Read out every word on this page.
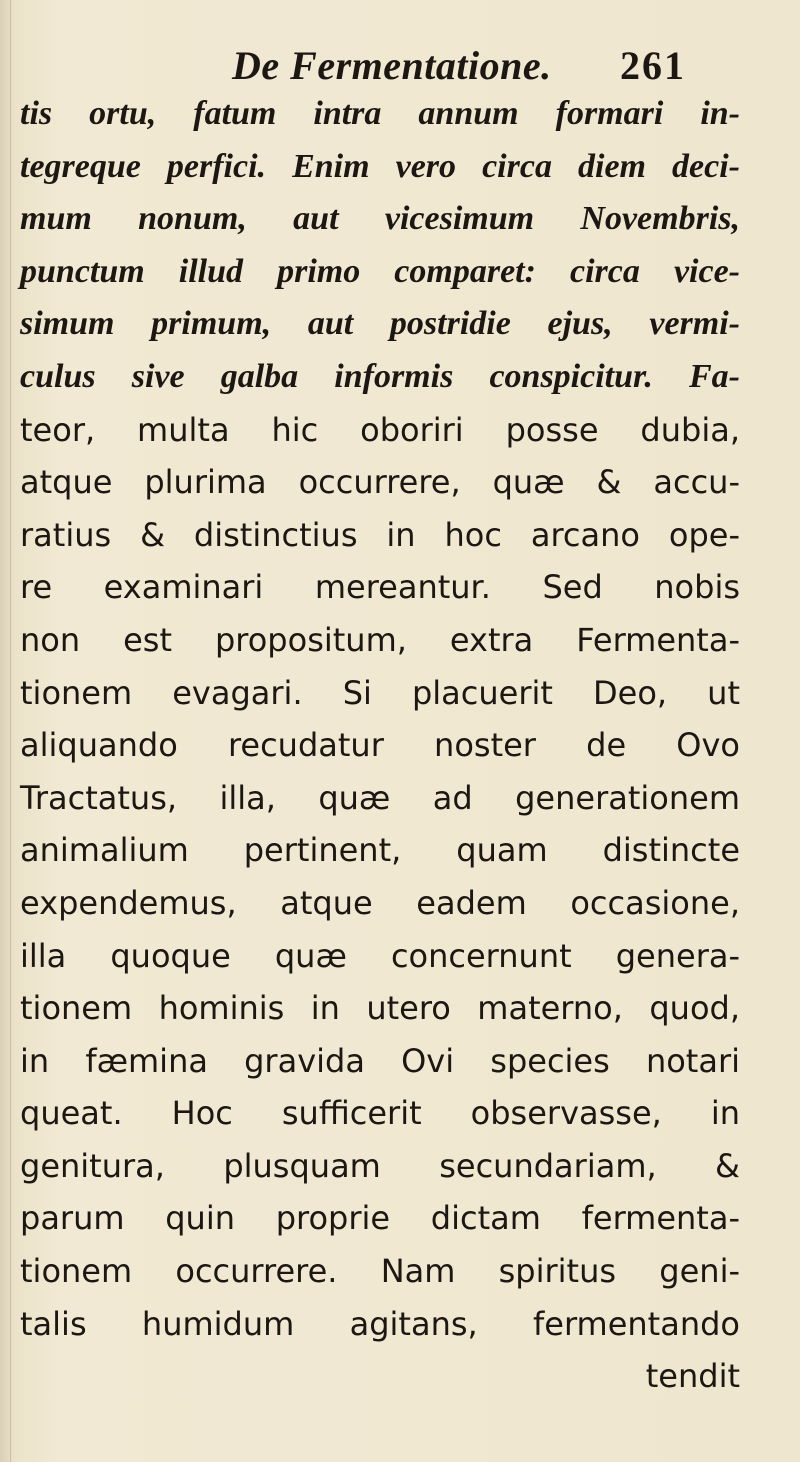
De Fermentatione. 261
tis ortu, fatum intra annum formari in-
tegreque perfici. Enim vero circa diem deci-
mum nonum, aut vicesimum Novembris,
punctum illud primo comparet: circa vice-
simum primum, aut postridie ejus, vermi-
culus sive galba informis conspicitur. Fa-
teor, multa hic oboriri posse dubia,
atque plurima occurrere, quæ & accu-
ratius & distinctius in hoc arcano ope-
re examinari mereantur. Sed nobis
non est propositum, extra Fermenta-
tionem evagari. Si placuerit Deo, ut
aliquando recudatur noster de Ovo
Tractatus, illa, quæ ad generationem
animalium pertinent, quam distincte
expendemus, atque eadem occasione,
illa quoque quæ concernunt genera-
tionem hominis in utero materno, quod,
in fæmina gravida Ovi species notari
queat. Hoc sufficerit observasse, in
genitura, plusquam secundariam, &
parum quin proprie dictam fermenta-
tionem occurrere. Nam spiritus geni-
talis humidum agitans, fermentando
tendit
